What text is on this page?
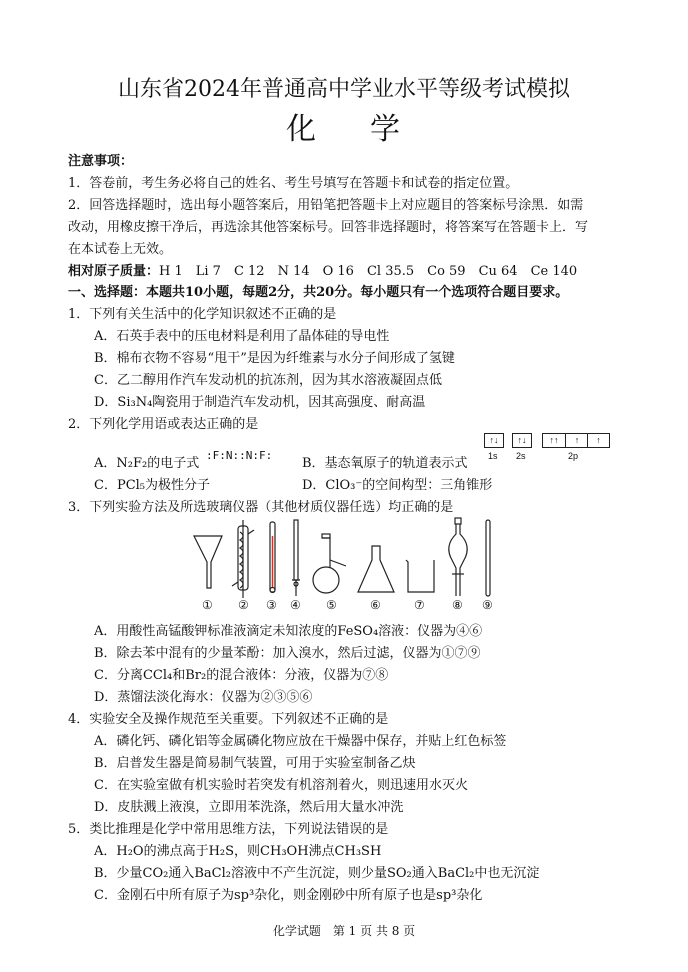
山东省2024年普通高中学业水平等级考试模拟
化 学
注意事项：
1．答卷前，考生务必将自己的姓名、考生号填写在答题卡和试卷的指定位置。
2．回答选择题时，选出每小题答案后，用铅笔把答题卡上对应题目的答案标号涂黑．如需
改动，用橡皮擦干净后，再选涂其他答案标号。回答非选择题时，将答案写在答题卡上．写
在本试卷上无效。
相对原子质量：H 1　Li 7　C 12　N 14　O 16　Cl 35.5　Co 59　Cu 64　Ce 140
一、选择题：本题共10小题，每题2分，共20分。每小题只有一个选项符合题目要求。
1．下列有关生活中的化学知识叙述不正确的是
A．石英手表中的压电材料是利用了晶体硅的导电性
B．棉布衣物不容易“甩干”是因为纤维素与水分子间形成了氢键
C．乙二醇用作汽车发动机的抗冻剂，因为其水溶液凝固点低
D．Si₃N₄陶瓷用于制造汽车发动机，因其高强度、耐高温
2．下列化学用语或表达正确的是
A．N₂F₂的电子式
:F:N::N:F:
B．基态氧原子的轨道表示式
↑↓	↑↓	↑↑	↑	↑
1s 2s	2p
C．PCl₅为极性分子	D．ClO₃⁻的空间构型：三角锥形
3．下列实验方法及所选玻璃仪器（其他材质仪器任选）均正确的是
① ② ③ ④ ⑤	⑥	⑦ ⑧ ⑨
A．用酸性高锰酸钾标准液滴定未知浓度的FeSO₄溶液：仪器为④⑥
B．除去苯中混有的少量苯酚：加入溴水，然后过滤，仪器为①⑦⑨
C．分离CCl₄和Br₂的混合液体：分液，仪器为⑦⑧
D．蒸馏法淡化海水：仪器为②③⑤⑥
4．实验安全及操作规范至关重要。下列叙述不正确的是
A．磷化钙、磷化铝等金属磷化物应放在干燥器中保存，并贴上红色标签
B．启普发生器是简易制气装置，可用于实验室制备乙炔
C．在实验室做有机实验时若突发有机溶剂着火，则迅速用水灭火
D．皮肤溅上液溴，立即用苯洗涤，然后用大量水冲洗
5．类比推理是化学中常用思维方法，下列说法错误的是
A．H₂O的沸点高于H₂S，则CH₃OH沸点CH₃SH
B．少量CO₂通入BaCl₂溶液中不产生沉淀，则少量SO₂通入BaCl₂中也无沉淀
C．金刚石中所有原子为sp³杂化，则金刚砂中所有原子也是sp³杂化
化学试题　第 1 页 共 8 页
